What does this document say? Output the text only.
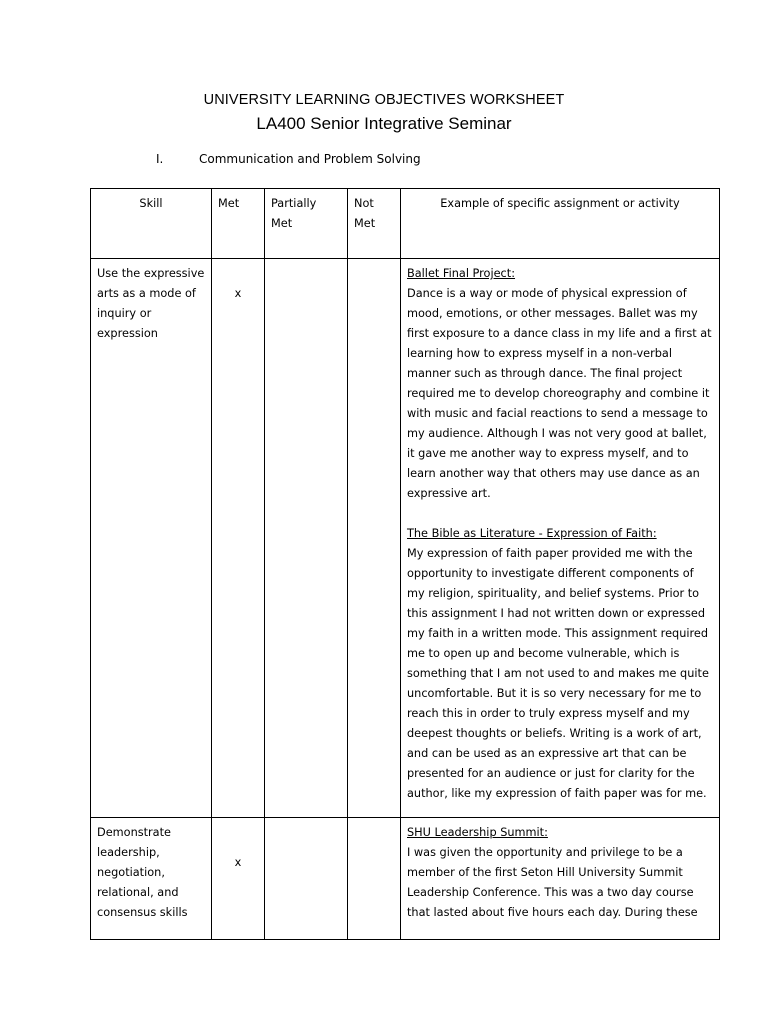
UNIVERSITY LEARNING OBJECTIVES WORKSHEET
LA400 Senior Integrative Seminar
I.	Communication and Problem Solving
Skill	Met	Partially Met	Not Met	Example of specific assignment or activity
Use the expressive arts as a mode of inquiry or expression	x			Ballet Final Project:
Dance is a way or mode of physical expression of mood, emotions, or other messages. Ballet was my first exposure to a dance class in my life and a first at learning how to express myself in a non-verbal manner such as through dance. The final project required me to develop choreography and combine it with music and facial reactions to send a message to my audience. Although I was not very good at ballet, it gave me another way to express myself, and to learn another way that others may use dance as an expressive art.
The Bible as Literature - Expression of Faith:
My expression of faith paper provided me with the opportunity to investigate different components of my religion, spirituality, and belief systems. Prior to this assignment I had not written down or expressed my faith in a written mode. This assignment required me to open up and become vulnerable, which is something that I am not used to and makes me quite uncomfortable. But it is so very necessary for me to reach this in order to truly express myself and my deepest thoughts or beliefs. Writing is a work of art, and can be used as an expressive art that can be presented for an audience or just for clarity for the author, like my expression of faith paper was for me.

Demonstrate leadership, negotiation, relational, and consensus skills	x			SHU Leadership Summit:
I was given the opportunity and privilege to be a member of the first Seton Hill University Summit Leadership Conference. This was a two day course that lasted about five hours each day. During these
